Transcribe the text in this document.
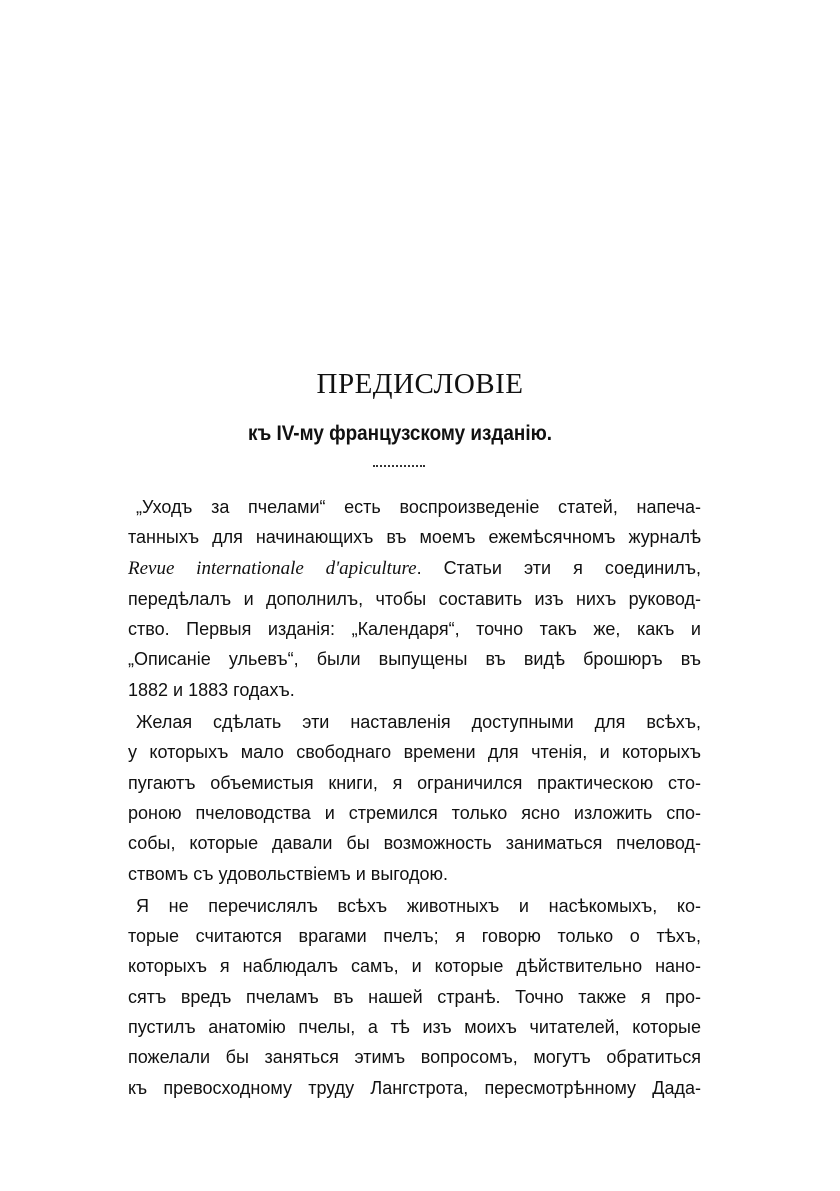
ПРЕДИСЛОВІЕ
къ IV-му французскому изданію.

„Уходъ за пчелами“ есть воспроизведеніе статей, напеча-
танныхъ для начинающихъ въ моемъ ежемѣсячномъ журналѣ
Revue internationale d'apiculture. Статьи эти я соединилъ,
передѣлалъ и дополнилъ, чтобы составить изъ нихъ руковод-
ство. Первыя изданія: „Календаря“, точно такъ же, какъ и
„Описаніе ульевъ“, были выпущены въ видѣ брошюръ въ
1882 и 1883 годахъ.

Желая сдѣлать эти наставленія доступными для всѣхъ,
у которыхъ мало свободнаго времени для чтенія, и которыхъ
пугаютъ объемистыя книги, я ограничился практическою сто-
роною пчеловодства и стремился только ясно изложить спо-
собы, которые давали бы возможность заниматься пчеловод-
ствомъ съ удовольствіемъ и выгодою.

Я не перечислялъ всѣхъ животныхъ и насѣкомыхъ, ко-
торые считаются врагами пчелъ; я говорю только о тѣхъ,
которыхъ я наблюдалъ самъ, и которые дѣйствительно нано-
сятъ вредъ пчеламъ въ нашей странѣ. Точно также я про-
пустилъ анатомію пчелы, а тѣ изъ моихъ читателей, которые
пожелали бы заняться этимъ вопросомъ, могутъ обратиться
къ превосходному труду Лангстрота, пересмотрѣнному Дада-
